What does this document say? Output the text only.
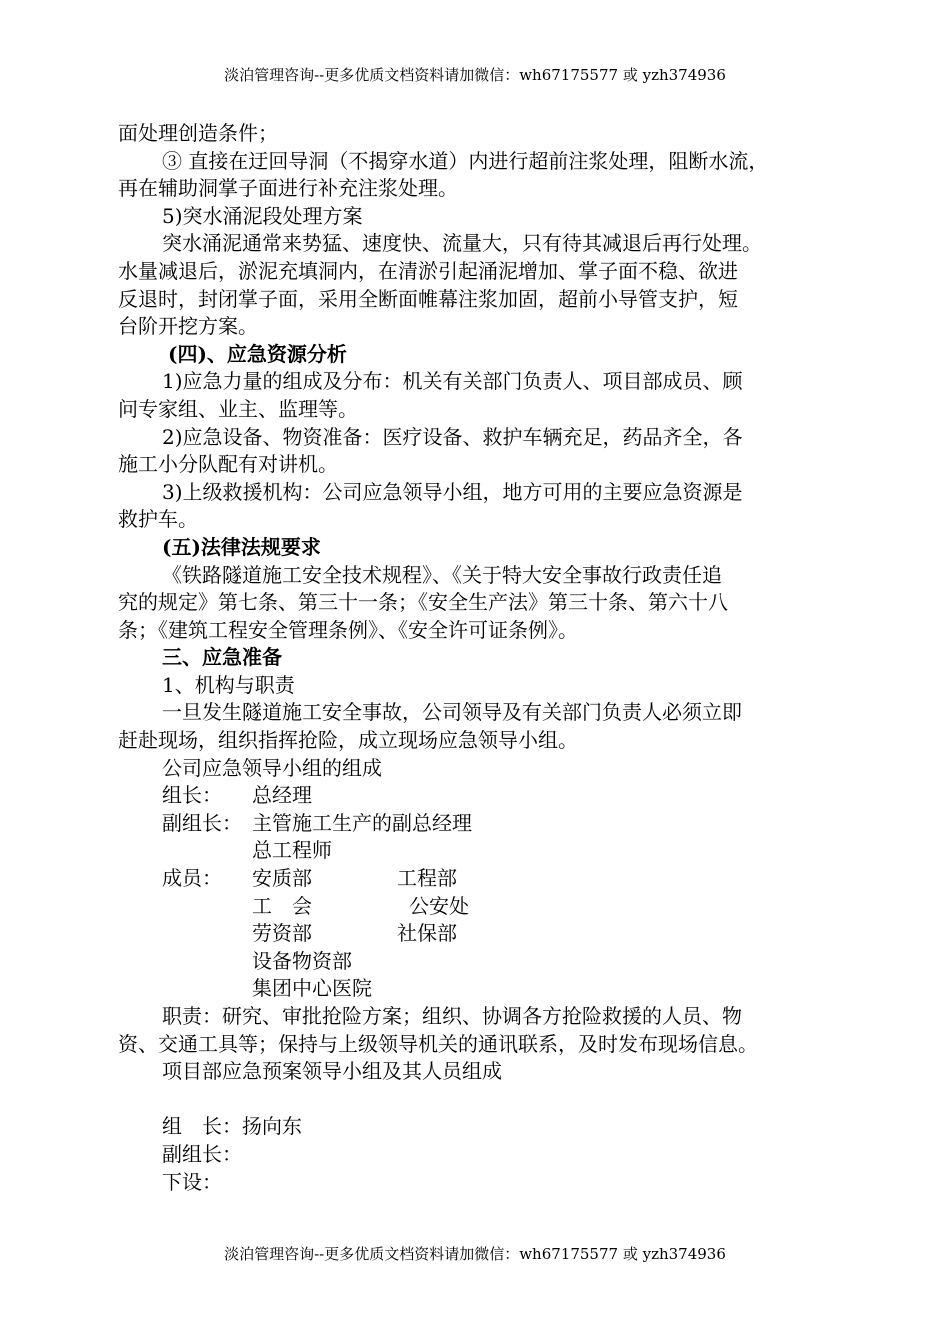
淡泊管理咨询--更多优质文档资料请加微信：wh67175577 或 yzh374936
面处理创造条件；
③ 直接在迂回导洞（不揭穿水道）内进行超前注浆处理，阻断水流，
再在辅助洞掌子面进行补充注浆处理。
5)突水涌泥段处理方案
突水涌泥通常来势猛、速度快、流量大，只有待其减退后再行处理。
水量减退后，淤泥充填洞内，在清淤引起涌泥增加、掌子面不稳、欲进
反退时，封闭掌子面，采用全断面帷幕注浆加固，超前小导管支护，短
台阶开挖方案。
(四)、应急资源分析
1)应急力量的组成及分布：机关有关部门负责人、项目部成员、顾
问专家组、业主、监理等。
2)应急设备、物资准备：医疗设备、救护车辆充足，药品齐全，各
施工小分队配有对讲机。
3)上级救援机构：公司应急领导小组，地方可用的主要应急资源是
救护车。
(五)法律法规要求
《铁路隧道施工安全技术规程》、《关于特大安全事故行政责任追
究的规定》第七条、第三十一条；《安全生产法》第三十条、第六十八
条；《建筑工程安全管理条例》、《安全许可证条例》。
三、应急准备
1、机构与职责
一旦发生隧道施工安全事故，公司领导及有关部门负责人必须立即
赶赴现场，组织指挥抢险，成立现场应急领导小组。
公司应急领导小组的组成
组长： 总经理
副组长： 主管施工生产的副总经理
总工程师
成员： 安质部	工程部
工　会	公安处
劳资部	社保部
设备物资部
集团中心医院
职责：研究、审批抢险方案；组织、协调各方抢险救援的人员、物
资、交通工具等；保持与上级领导机关的通讯联系，及时发布现场信息。
项目部应急预案领导小组及其人员组成
组　长：扬向东
副组长：
下设：
淡泊管理咨询--更多优质文档资料请加微信：wh67175577 或 yzh374936
